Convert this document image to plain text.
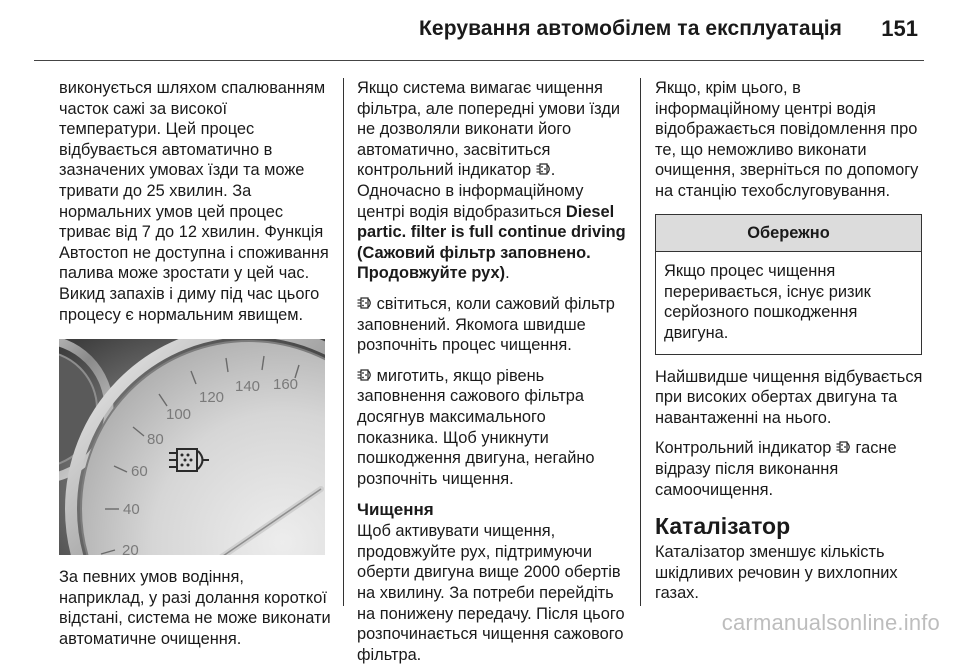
Керування автомобілем та експлуатація 151

виконується шляхом спалюванням часток сажі за високої температури. Цей процес відбувається автоматично в зазначених умовах їзди та може тривати до 25 хвилин. За нормальних умов цей процес триває від 7 до 12 хвилин. Функція Автостоп не доступна і споживання палива може зростати у цей час. Викид запахів і диму під час цього процесу є нормальним явищем.

20
40
60
80
100
120
140 160

За певних умов водіння, наприклад, у разі долання короткої відстані, система не може виконати автоматичне очищення.

Якщо система вимагає чищення фільтра, але попередні умови їзди не дозволяли виконати його автоматично, засвітиться контрольний індикатор . Одночасно в інформаційному центрі водія відобразиться Diesel partic. filter is full continue driving (Сажовий фільтр заповнено. Продовжуйте рух).

світиться, коли сажовий фільтр заповнений. Якомога швидше розпочніть процес чищення.

миготить, якщо рівень заповнення сажового фільтра досягнув максимального показника. Щоб уникнути пошкодження двигуна, негайно розпочніть чищення.

Чищення

Щоб активувати чищення, продовжуйте рух, підтримуючи оберти двигуна вище 2000 обертів на хвилину. За потреби перейдіть на понижену передачу. Після цього розпочинається чищення сажового фільтра.

Якщо, крім цього, в інформаційному центрі водія відображається повідомлення про те, що неможливо виконати очищення, зверніться по допомогу на станцію техобслуговування.

Обережно
Якщо процес чищення переривається, існує ризик серйозного пошкодження двигуна.

Найшвидше чищення відбувається при високих обертах двигуна та навантаженні на нього.

Контрольний індикатор гасне відразу після виконання самоочищення.

Каталізатор

Каталізатор зменшує кількість шкідливих речовин у вихлопних газах.

carmanualsonline.info
